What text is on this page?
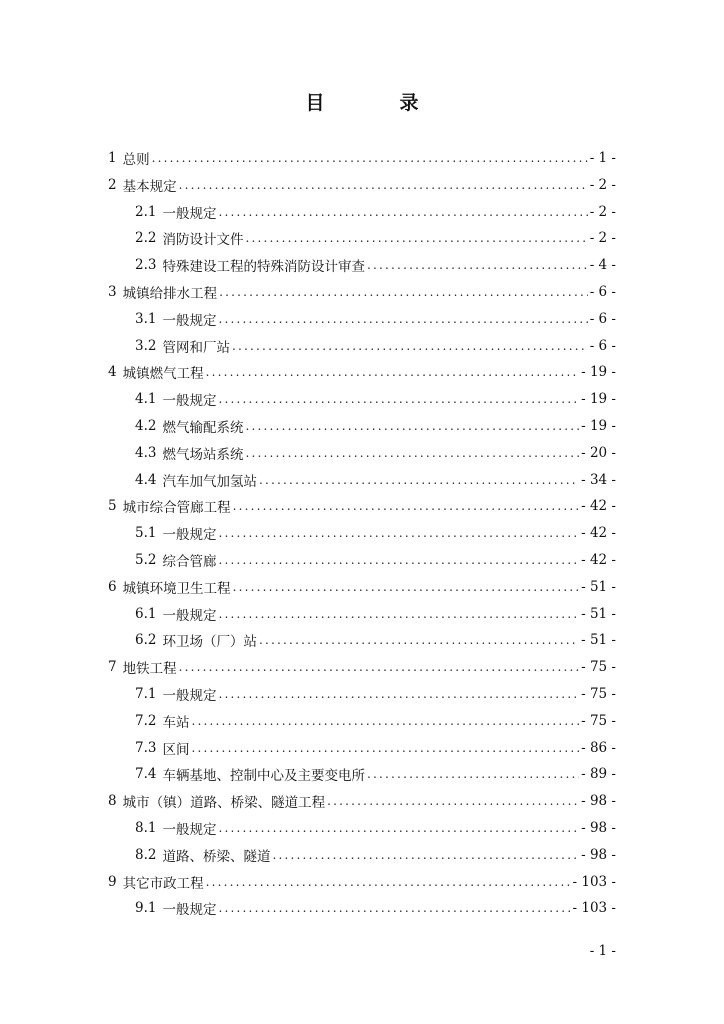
目　录
1 总则 .....	- 1 -
2 基本规定 .....	- 2 -
2.1 一般规定 .....	- 2 -
2.2 消防设计文件 .....	- 2 -
2.3 特殊建设工程的特殊消防设计审查 .....	- 4 -
3 城镇给排水工程 .....	- 6 -
3.1 一般规定 .....	- 6 -
3.2 管网和厂站 .....	- 6 -
4 城镇燃气工程 .....	- 19 -
4.1 一般规定 .....	- 19 -
4.2 燃气输配系统 .....	- 19 -
4.3 燃气场站系统 .....	- 20 -
4.4 汽车加气加氢站 .....	- 34 -
5 城市综合管廊工程 .....	- 42 -
5.1 一般规定 .....	- 42 -
5.2 综合管廊 .....	- 42 -
6 城镇环境卫生工程 .....	- 51 -
6.1 一般规定 .....	- 51 -
6.2 环卫场（厂）站 .....	- 51 -
7 地铁工程 .....	- 75 -
7.1 一般规定 .....	- 75 -
7.2 车站 .....	- 75 -
7.3 区间 .....	- 86 -
7.4 车辆基地、控制中心及主要变电所 .....	- 89 -
8 城市（镇）道路、桥梁、隧道工程 .....	- 98 -
8.1 一般规定 .....	- 98 -
8.2 道路、桥梁、隧道 .....	- 98 -
9 其它市政工程 .....	- 103 -
9.1 一般规定 .....	- 103 -
- 1 -
